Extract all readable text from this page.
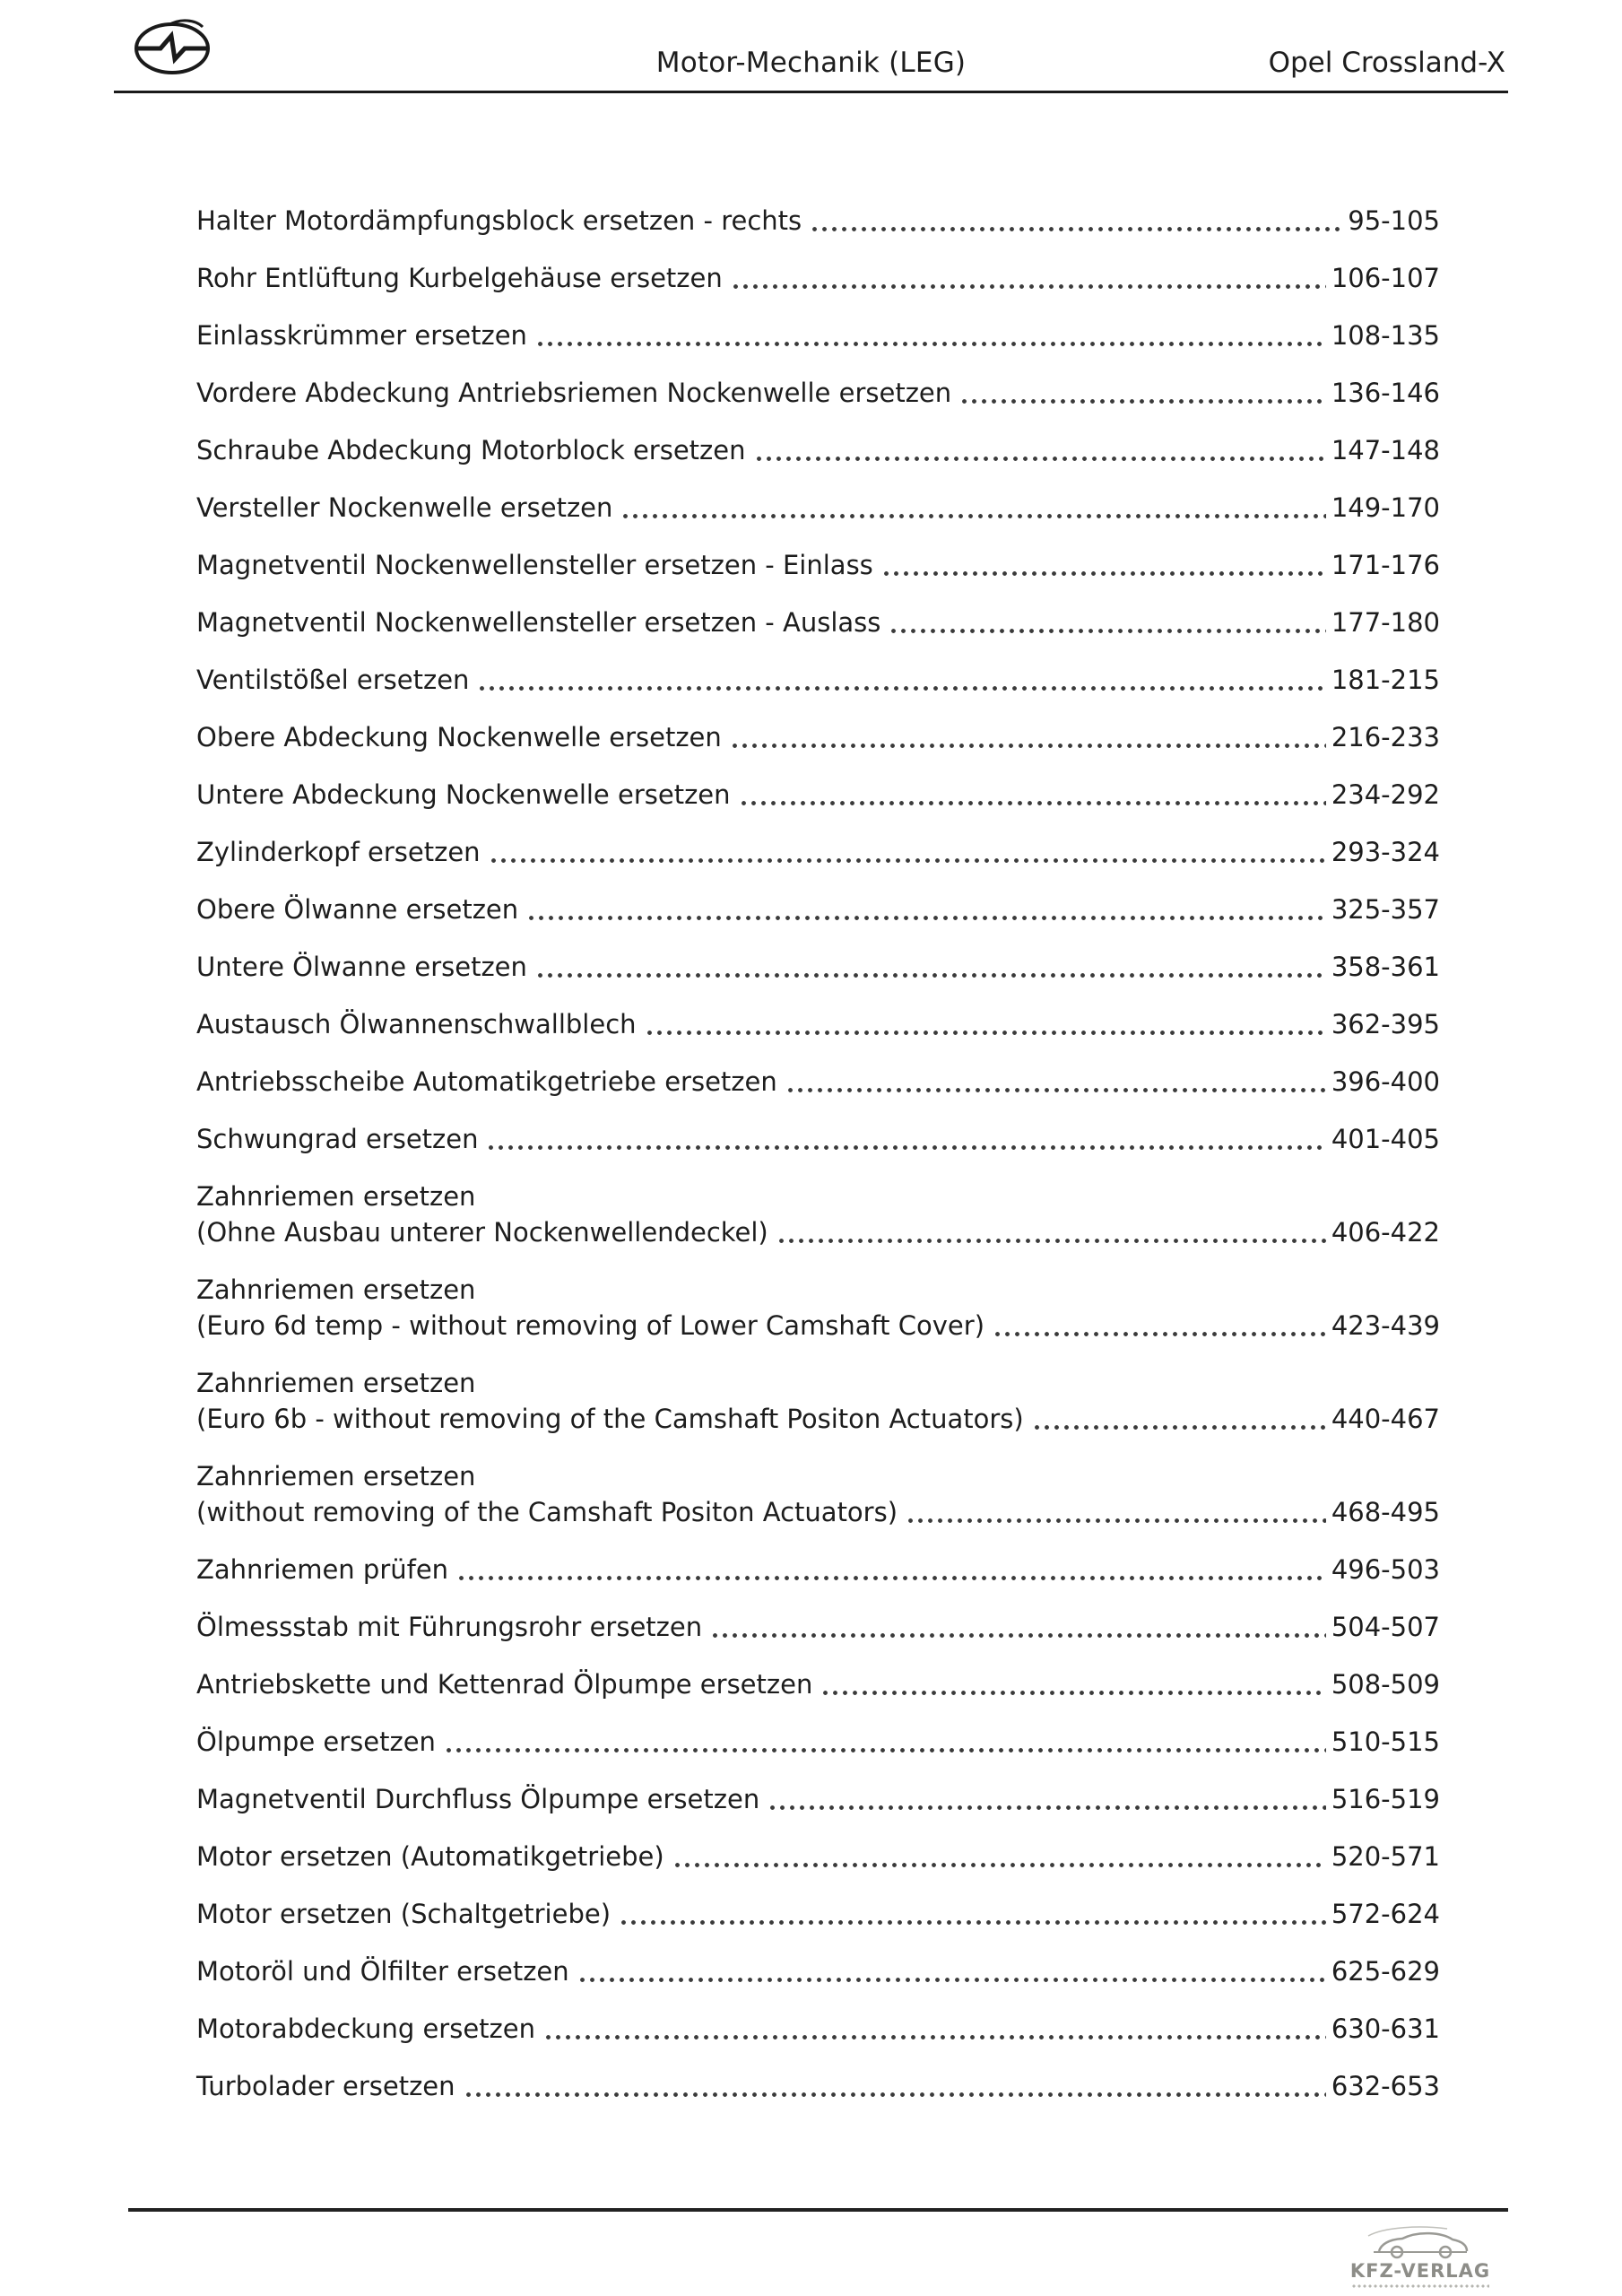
Motor-Mechanik (LEG)	Opel Crossland-X
Halter Motordämpfungsblock ersetzen - rechts	95-105
Rohr Entlüftung Kurbelgehäuse ersetzen	106-107
Einlasskrümmer ersetzen	108-135
Vordere Abdeckung Antriebsriemen Nockenwelle ersetzen	136-146
Schraube Abdeckung Motorblock ersetzen	147-148
Versteller Nockenwelle ersetzen	149-170
Magnetventil Nockenwellensteller ersetzen - Einlass	171-176
Magnetventil Nockenwellensteller ersetzen - Auslass	177-180
Ventilstößel ersetzen	181-215
Obere Abdeckung Nockenwelle ersetzen	216-233
Untere Abdeckung Nockenwelle ersetzen	234-292
Zylinderkopf ersetzen	293-324
Obere Ölwanne ersetzen	325-357
Untere Ölwanne ersetzen	358-361
Austausch Ölwannenschwallblech	362-395
Antriebsscheibe Automatikgetriebe ersetzen	396-400
Schwungrad ersetzen	401-405
Zahnriemen ersetzen
(Ohne Ausbau unterer Nockenwellendeckel)	406-422
Zahnriemen ersetzen
(Euro 6d temp - without removing of Lower Camshaft Cover)	423-439
Zahnriemen ersetzen
(Euro 6b - without removing of the Camshaft Positon Actuators)	440-467
Zahnriemen ersetzen
(without removing of the Camshaft Positon Actuators)	468-495
Zahnriemen prüfen	496-503
Ölmessstab mit Führungsrohr ersetzen	504-507
Antriebskette und Kettenrad Ölpumpe ersetzen	508-509
Ölpumpe ersetzen	510-515
Magnetventil Durchfluss Ölpumpe ersetzen	516-519
Motor ersetzen (Automatikgetriebe)	520-571
Motor ersetzen (Schaltgetriebe)	572-624
Motoröl und Ölfilter ersetzen	625-629
Motorabdeckung ersetzen	630-631
Turbolader ersetzen	632-653
KFZ-VERLAG
